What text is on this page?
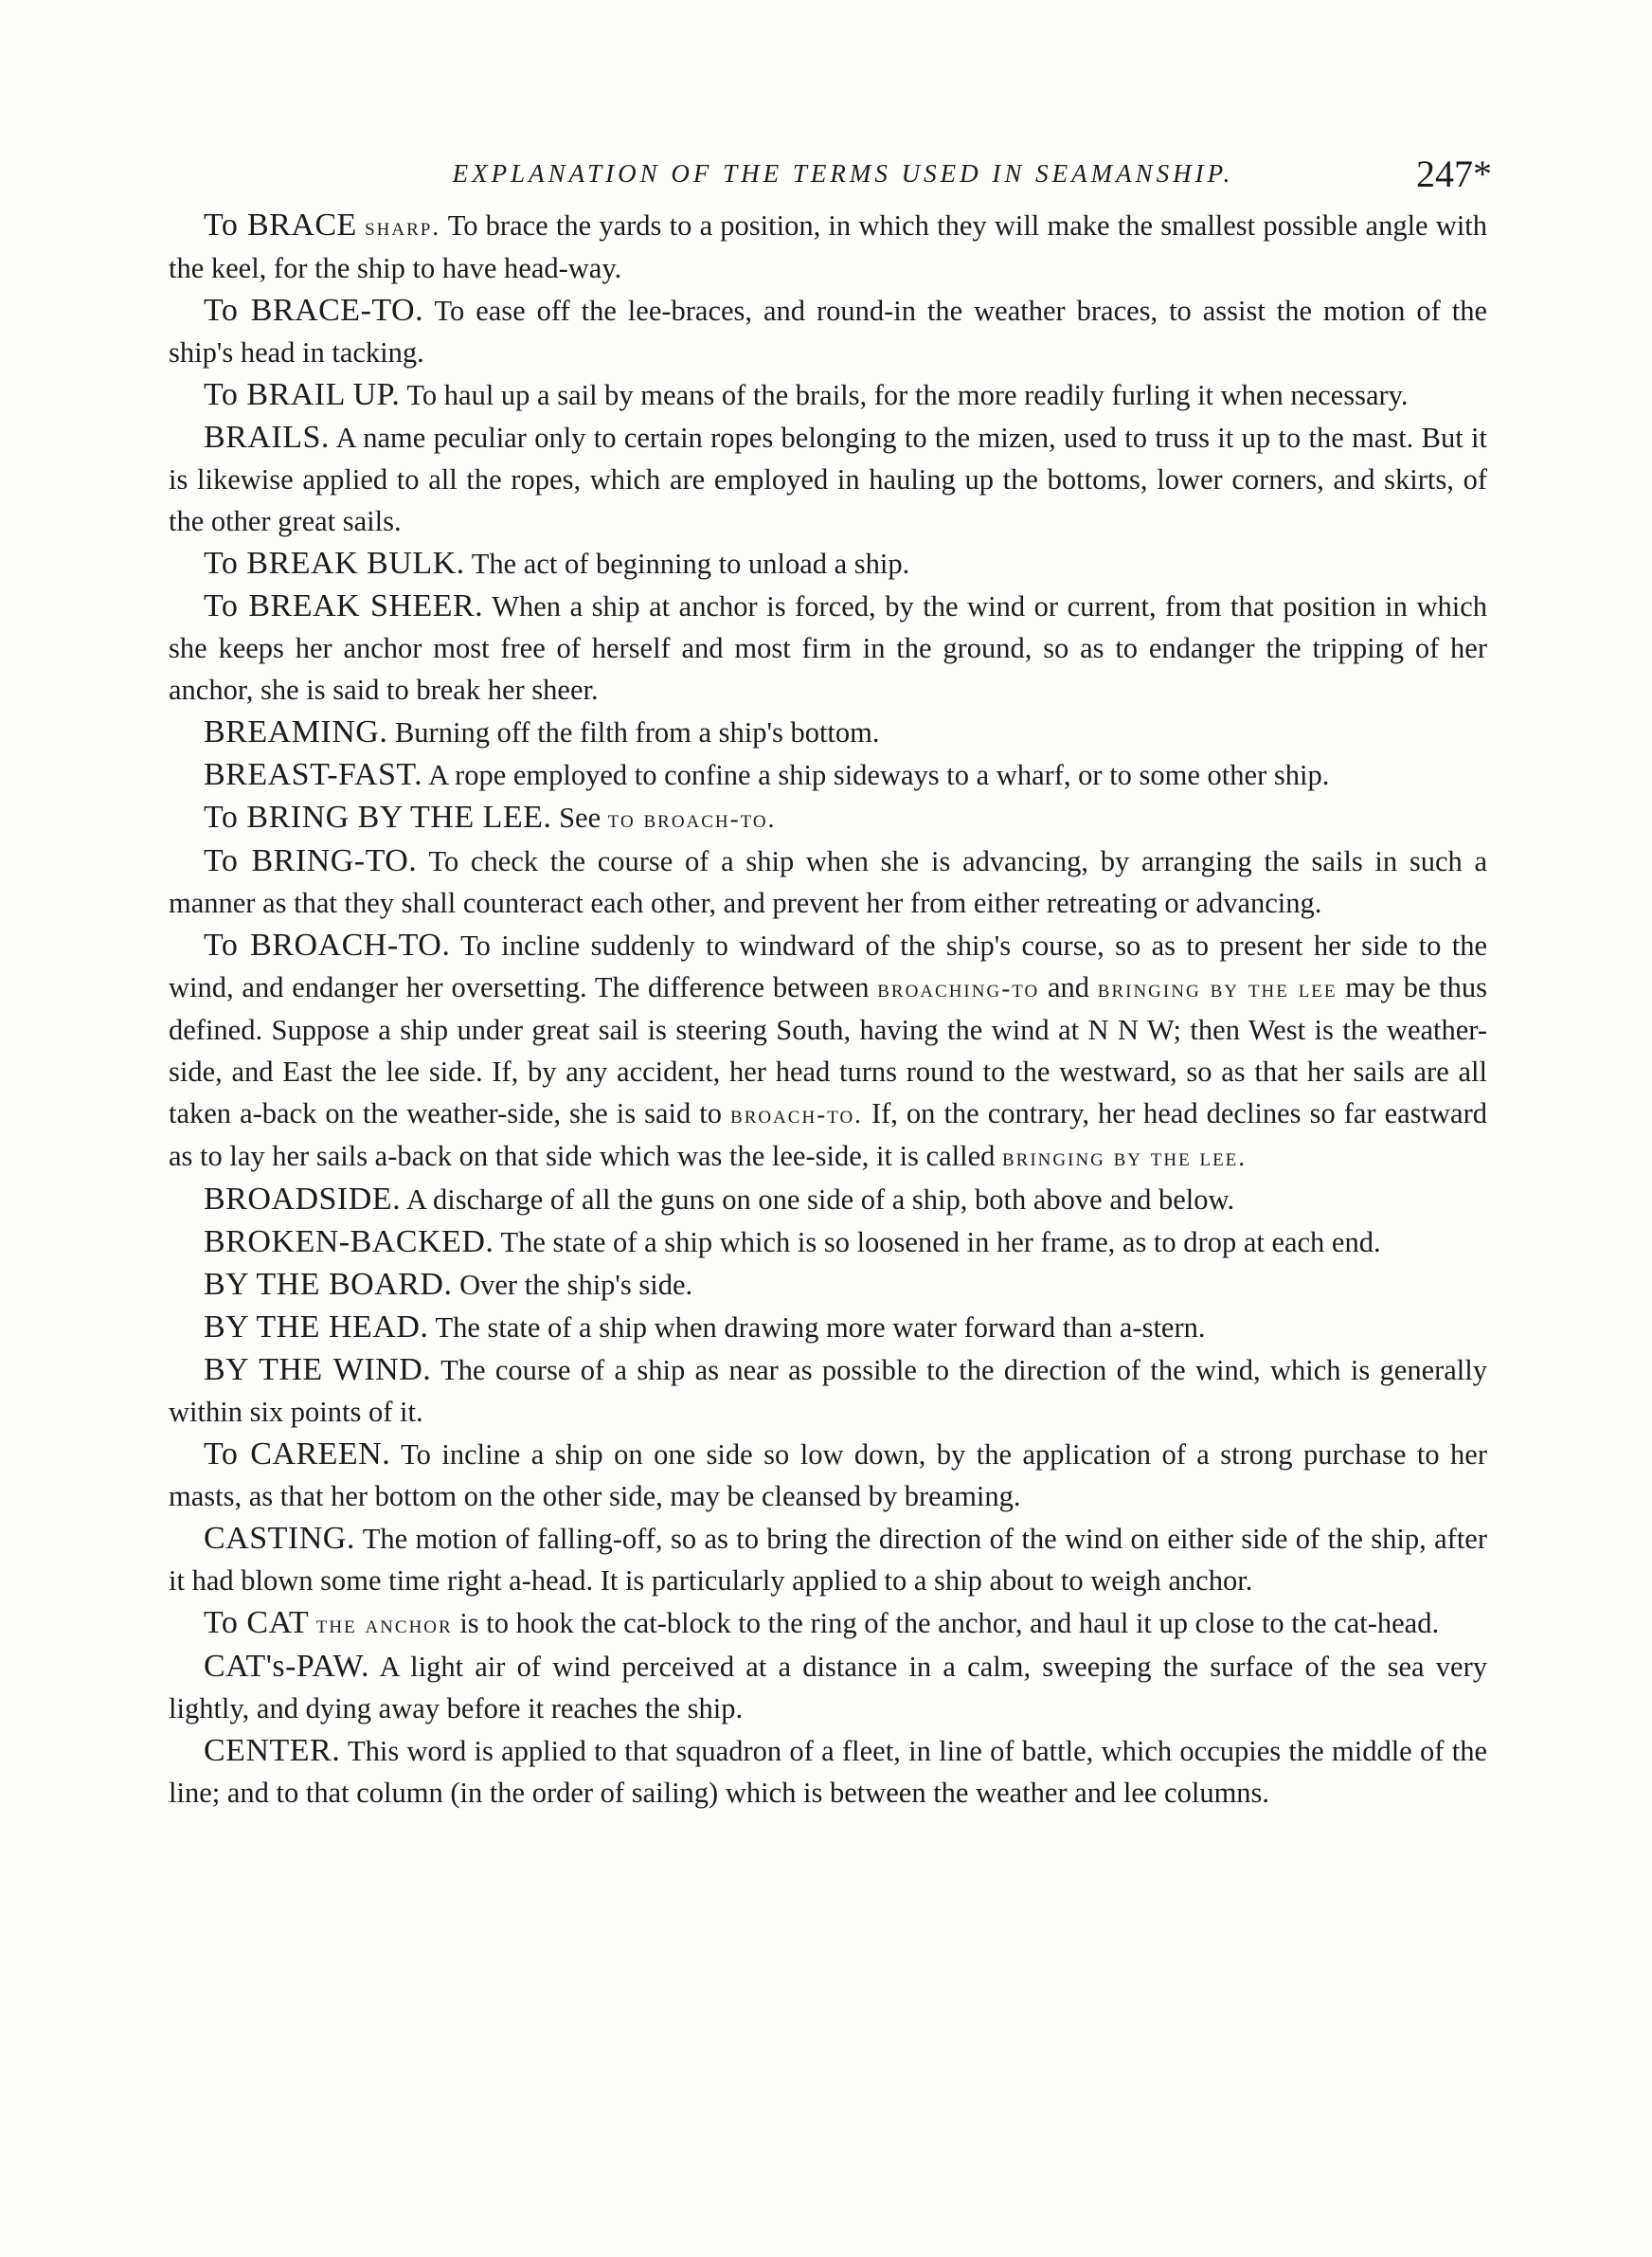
EXPLANATION OF THE TERMS USED IN SEAMANSHIP.	247*

To BRACE sharp. To brace the yards to a position, in which they will make the smallest possible angle with the keel, for the ship to have head-way.

To BRACE-TO. To ease off the lee-braces, and round-in the weather braces, to assist the motion of the ship's head in tacking.

To BRAIL UP. To haul up a sail by means of the brails, for the more readily furling it when necessary.

BRAILS. A name peculiar only to certain ropes belonging to the mizen, used to truss it up to the mast. But it is likewise applied to all the ropes, which are employed in hauling up the bottoms, lower corners, and skirts, of the other great sails.

To BREAK BULK. The act of beginning to unload a ship.

To BREAK SHEER. When a ship at anchor is forced, by the wind or current, from that position in which she keeps her anchor most free of herself and most firm in the ground, so as to endanger the tripping of her anchor, she is said to break her sheer.

BREAMING. Burning off the filth from a ship's bottom.

BREAST-FAST. A rope employed to confine a ship sideways to a wharf, or to some other ship.

To BRING BY THE LEE. See to broach-to.

To BRING-TO. To check the course of a ship when she is advancing, by arranging the sails in such a manner as that they shall counteract each other, and prevent her from either retreating or advancing.

To BROACH-TO. To incline suddenly to windward of the ship's course, so as to present her side to the wind, and endanger her oversetting. The difference between broaching-to and bringing by the lee may be thus defined. Suppose a ship under great sail is steering South, having the wind at N N W; then West is the weather-side, and East the lee side. If, by any accident, her head turns round to the westward, so as that her sails are all taken a-back on the weather-side, she is said to broach-to. If, on the contrary, her head declines so far eastward as to lay her sails a-back on that side which was the lee-side, it is called bringing by the lee.

BROADSIDE. A discharge of all the guns on one side of a ship, both above and below.

BROKEN-BACKED. The state of a ship which is so loosened in her frame, as to drop at each end.

BY THE BOARD. Over the ship's side.

BY THE HEAD. The state of a ship when drawing more water forward than a-stern.

BY THE WIND. The course of a ship as near as possible to the direction of the wind, which is generally within six points of it.

To CAREEN. To incline a ship on one side so low down, by the application of a strong purchase to her masts, as that her bottom on the other side, may be cleansed by breaming.

CASTING. The motion of falling-off, so as to bring the direction of the wind on either side of the ship, after it had blown some time right a-head. It is particularly applied to a ship about to weigh anchor.

To CAT the anchor is to hook the cat-block to the ring of the anchor, and haul it up close to the cat-head.

CAT's-PAW. A light air of wind perceived at a distance in a calm, sweeping the surface of the sea very lightly, and dying away before it reaches the ship.

CENTER. This word is applied to that squadron of a fleet, in line of battle, which occupies the middle of the line; and to that column (in the order of sailing) which is between the weather and lee columns.
